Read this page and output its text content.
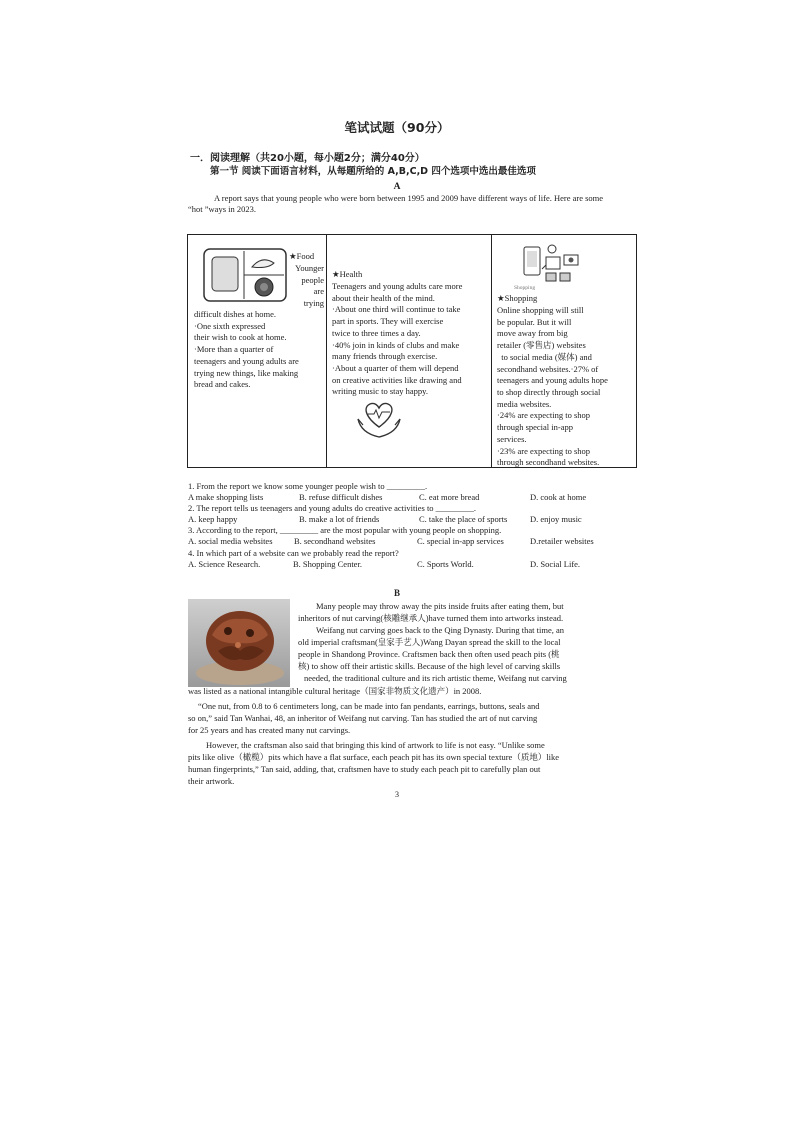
笔试试题（90分）
一．阅读理解（共20小题，每小题2分；满分40分）
第一节 阅读下面语言材料，从每题所给的 A,B,C,D 四个选项中选出最佳选项
A
A report says that young people who were born between 1995 and 2009 have different ways of life. Here are some “hot ”ways in 2023.
★Food
Younger
people
are
trying
difficult dishes at home.
·One sixth expressed
their wish to cook at home.
·More than a quarter of
teenagers and young adults are
trying new things, like making
bread and cakes.
★Health
Teenagers and young adults care more
about their health of the mind.
·About one third will continue to take
part in sports. They will exercise
twice to three times a day.
·40% join in kinds of clubs and make
many friends through exercise.
·About a quarter of them will depend
on creative activities like drawing and
writing music to stay happy.
Shopping
★Shopping
Online shopping will still
be popular. But it will
move away from big
retailer (零售店) websites
to social media (媒体) and
secondhand websites.·27% of
teenagers and young adults hope
to shop directly through social
media websites.
·24% are expecting to shop
through special in-app
services.
·23% are expecting to shop
through secondhand websites.
1. From the report we know some younger people wish to _________.
A make shopping lists	B. refuse difficult dishes	C. eat more bread	D. cook at home
2. The report tells us teenagers and young adults do creative activities to _________.
A. keep happy	B. make a lot of friends	C. take the place of sports	D. enjoy music
3. According to the report, _________ are the most popular with young people on shopping.
A. social media websites	B. secondhand websites	C. special in-app services	D.retailer websites
4. In which part of a website can we probably read the report?
A. Science Research.	B. Shopping Center.	C. Sports World.	D. Social Life.
B
Many people may throw away the pits inside fruits after eating them, but
inheritors of nut carving(核雕继承人)have turned them into artworks instead.
Weifang nut carving goes back to the Qing Dynasty. During that time, an
old imperial craftsman(皇家手艺人)Wang Dayan spread the skill to the local
people in Shandong Province. Craftsmen back then often used peach pits (桃
核) to show off their artistic skills. Because of the high level of carving skills
needed, the traditional culture and its rich artistic theme, Weifang nut carving
was listed as a national intangible cultural heritage（国家非物质文化遗产）in 2008.
“One nut, from 0.8 to 6 centimeters long, can be made into fan pendants, earrings, buttons, seals and
so on,” said Tan Wanhai, 48, an inheritor of Weifang nut carving. Tan has studied the art of nut carving
for 25 years and has created many nut carvings.
However, the craftsman also said that bringing this kind of artwork to life is not easy. “Unlike some
pits like olive（橄榄）pits which have a flat surface, each peach pit has its own special texture（质地）like
human fingerprints,” Tan said, adding, that, craftsmen have to study each peach pit to carefully plan out
their artwork.
3
